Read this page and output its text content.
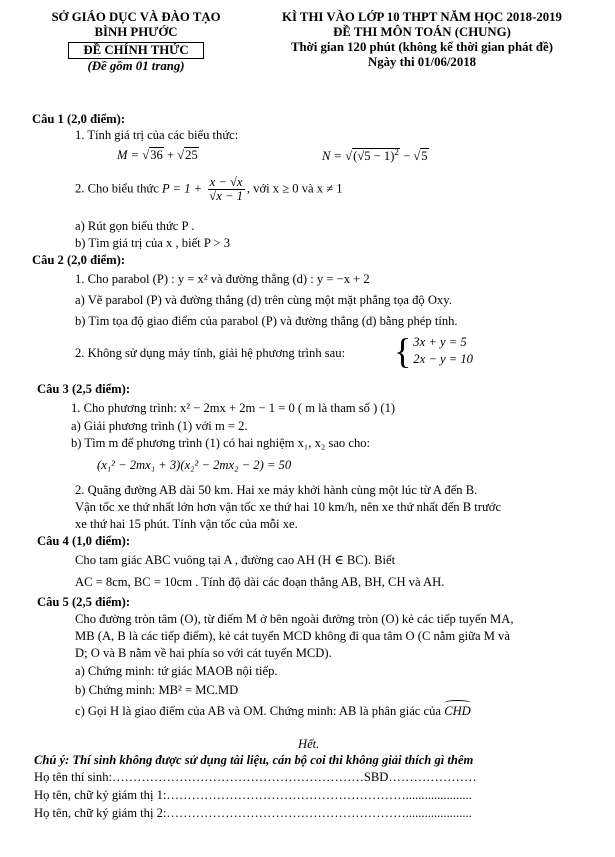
SỞ GIÁO DỤC VÀ ĐÀO TẠO
BÌNH PHƯỚC
ĐỀ CHÍNH THỨC
(Đề gồm 01 trang)
KÌ THI VÀO LỚP 10 THPT NĂM HỌC 2018-2019
ĐỀ THI MÔN TOÁN (CHUNG)
Thời gian 120 phút (không kể thời gian phát đề)
Ngày thi 01/06/2018
Câu 1 (2,0 điểm):
1. Tính giá trị của các biểu thức:
M = √36 + √25	$N = √(√5 - 1)^2 - √5$
2. Cho biểu thức $P = 1 + \frac{x - √x}{√x - 1}$ , với x ≥ 0 và x ≠ 1
a) Rút gọn biểu thức P .
b) Tìm giá trị của x , biết P > 3
Câu 2 (2,0 điểm):
1. Cho parabol (P) : y = x² và đường thẳng (d) : y = −x + 2
a) Vẽ parabol (P) và đường thẳng (d) trên cùng một mặt phẳng tọa độ Oxy.
b) Tìm tọa độ giao điểm của parabol (P) và đường thẳng (d) bằng phép tính.
2. Không sử dụng máy tính, giải hệ phương trình sau: { 3x + y = 5
2x − y = 10
Câu 3 (2,5 điểm):
1. Cho phương trình: x² − 2mx + 2m − 1 = 0 ( m là tham số ) (1)
a) Giải phương trình (1) với m = 2.
b) Tìm m để phương trình (1) có hai nghiệm x₁, x₂ sao cho:
(x₁² − 2mx₁ + 3)(x₂² − 2mx₂ − 2) = 50
2. Quãng đường AB dài 50 km. Hai xe máy khởi hành cùng một lúc từ A đến B.
Vận tốc xe thứ nhất lớn hơn vận tốc xe thứ hai 10 km/h, nên xe thứ nhất đến B trước
xe thứ hai 15 phút. Tính vận tốc của mỗi xe.
Câu 4 (1,0 điểm):
Cho tam giác ABC vuông tại A , đường cao AH (H ∈ BC). Biết
AC = 8cm, BC = 10cm . Tính độ dài các đoạn thẳng AB, BH, CH và AH.
Câu 5 (2,5 điểm):
Cho đường tròn tâm (O), từ điểm M ở bên ngoài đường tròn (O) kẻ các tiếp tuyến MA,
MB (A, B là các tiếp điểm), kẻ cát tuyến MCD không đi qua tâm O (C nằm giữa M và
D; O và B nằm về hai phía so với cát tuyến MCD).
a) Chứng minh: tứ giác MAOB nội tiếp.
b) Chứng minh: MB² = MC.MD
c) Gọi H là giao điểm của AB và OM. Chứng minh: AB là phân giác của CHD
Hết.
Chú ý: Thí sinh không được sử dụng tài liệu, cán bộ coi thi không giải thích gì thêm
Họ tên thí sinh:……………………………………………………SBD…………………
Họ tên, chữ ký giám thị 1:………………………………………………….....................
Họ tên, chữ ký giám thị 2:………………………………………………….....................
